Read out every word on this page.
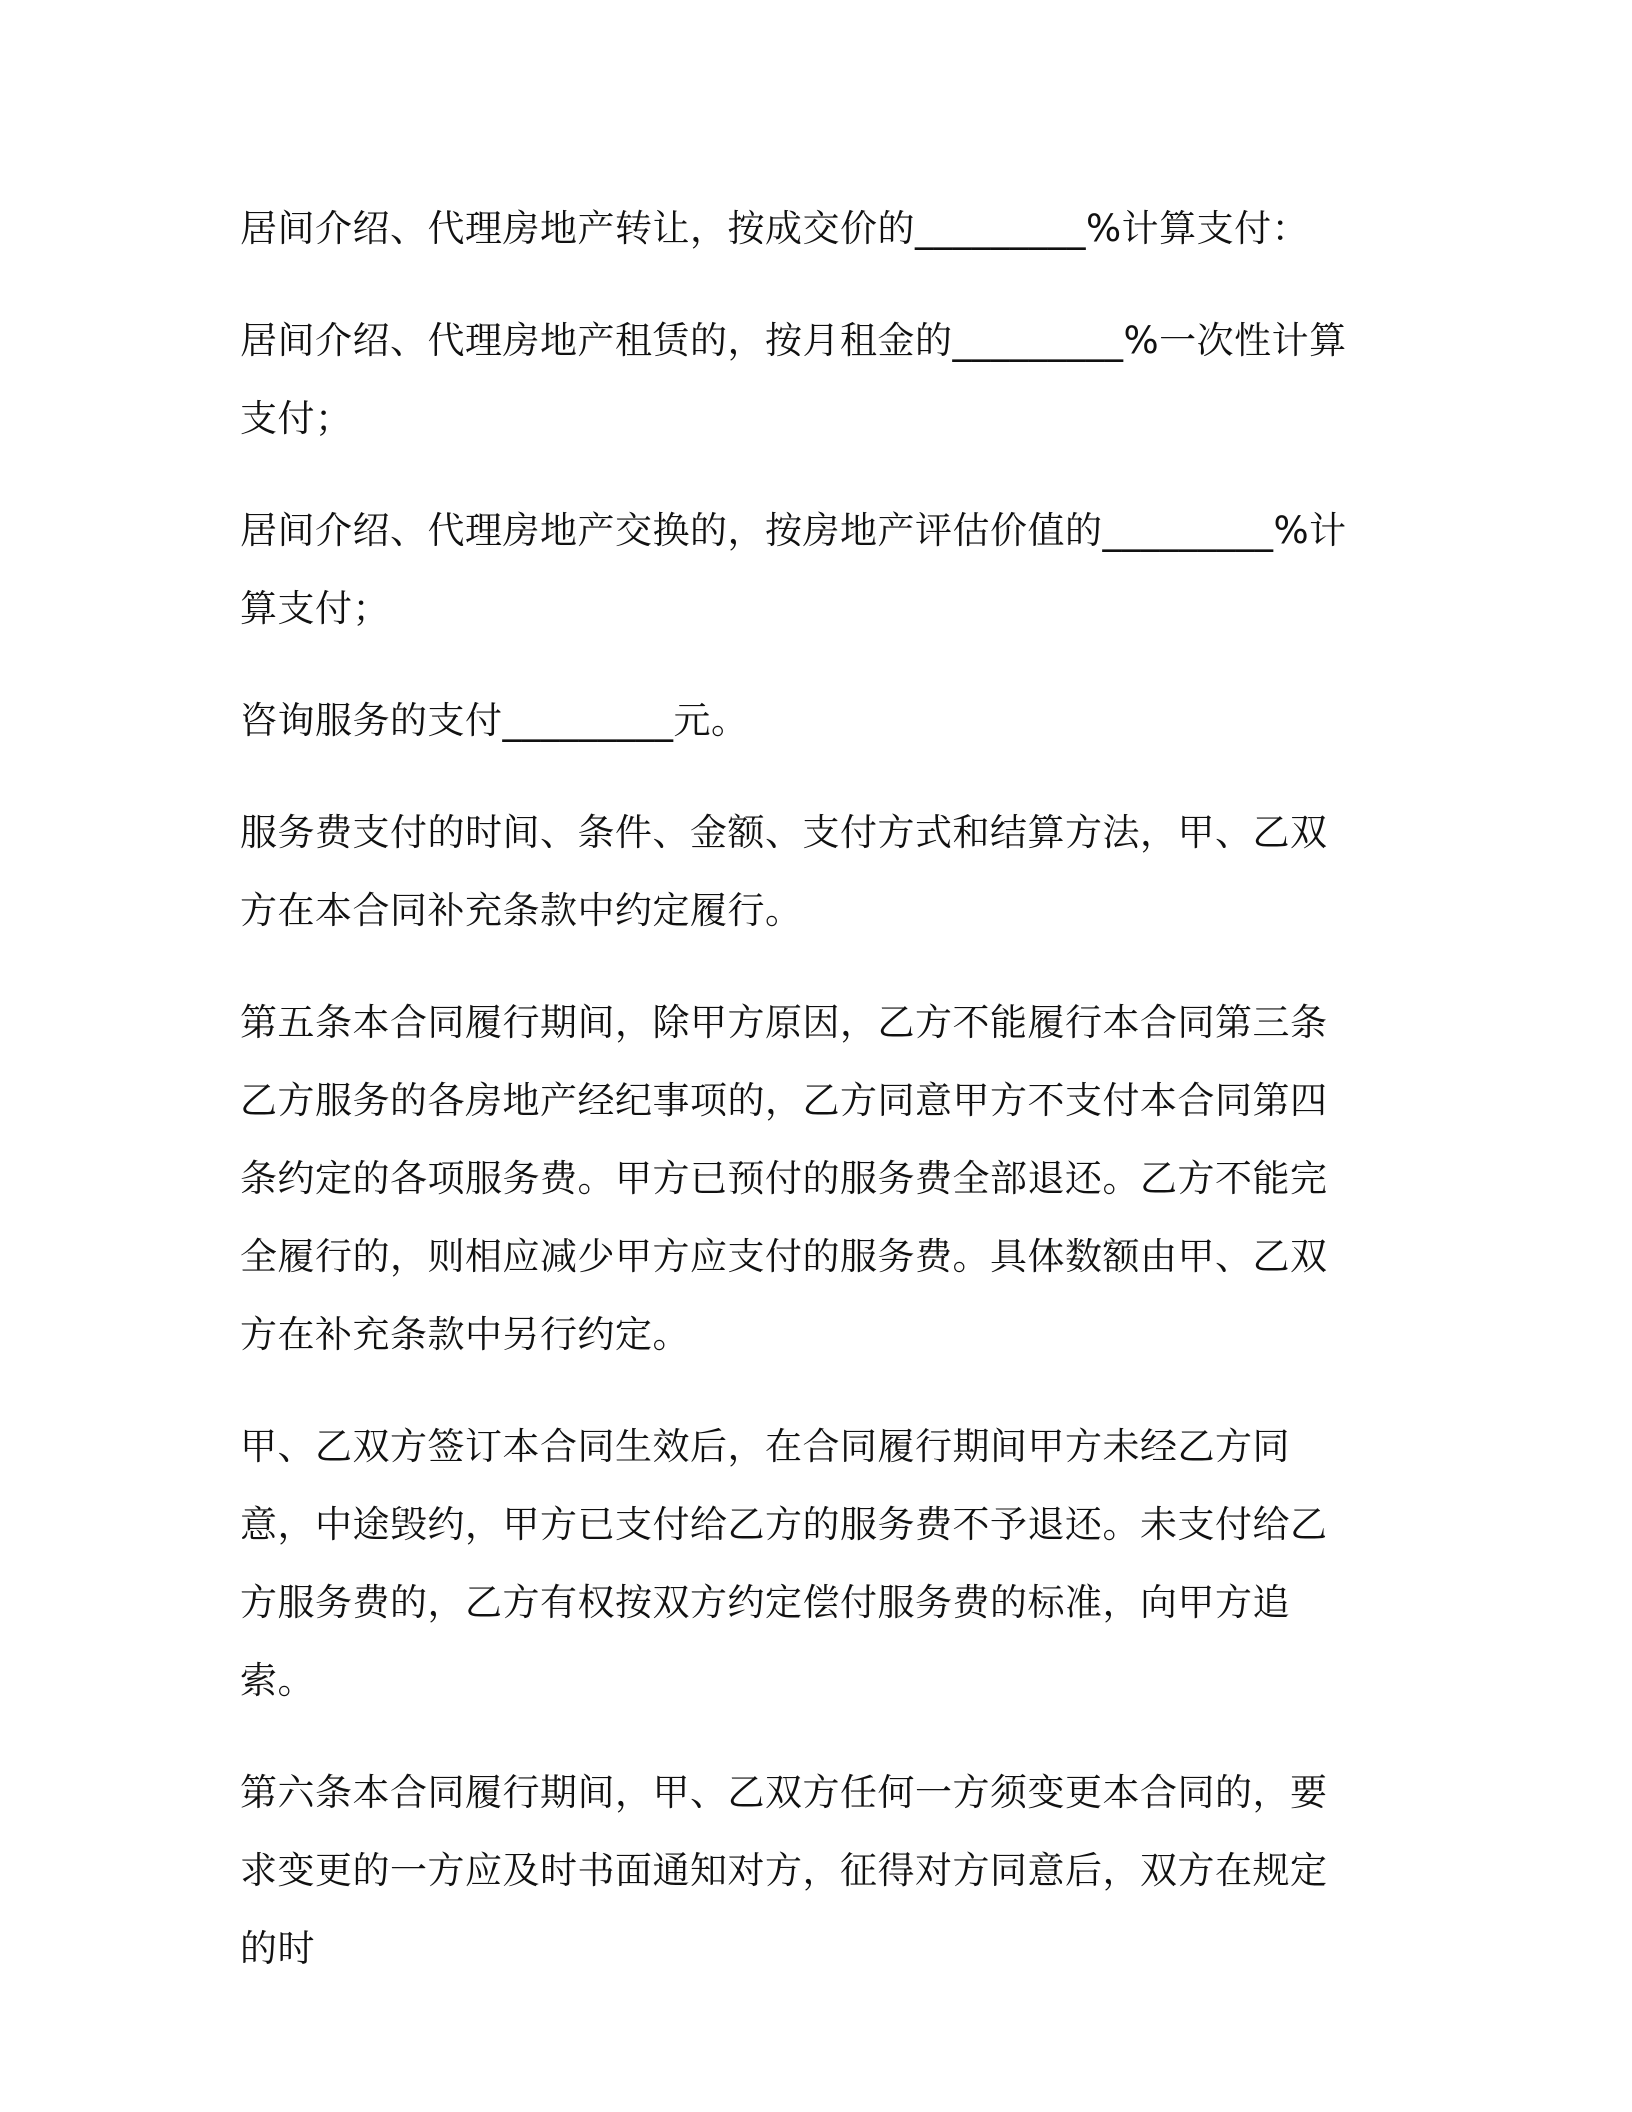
居间介绍、代理房地产转让，按成交价的_________%计算支付：

居间介绍、代理房地产租赁的，按月租金的_________%一次性计算支付；

居间介绍、代理房地产交换的，按房地产评估价值的_________%计算支付；

咨询服务的支付_________元。

服务费支付的时间、条件、金额、支付方式和结算方法，甲、乙双方在本合同补充条款中约定履行。

第五条本合同履行期间，除甲方原因，乙方不能履行本合同第三条乙方服务的各房地产经纪事项的，乙方同意甲方不支付本合同第四条约定的各项服务费。甲方已预付的服务费全部退还。乙方不能完全履行的，则相应减少甲方应支付的服务费。具体数额由甲、乙双方在补充条款中另行约定。

甲、乙双方签订本合同生效后，在合同履行期间甲方未经乙方同意，中途毁约，甲方已支付给乙方的服务费不予退还。未支付给乙方服务费的，乙方有权按双方约定偿付服务费的标准，向甲方追索。

第六条本合同履行期间，甲、乙双方任何一方须变更本合同的，要求变更的一方应及时书面通知对方，征得对方同意后，双方在规定的时
